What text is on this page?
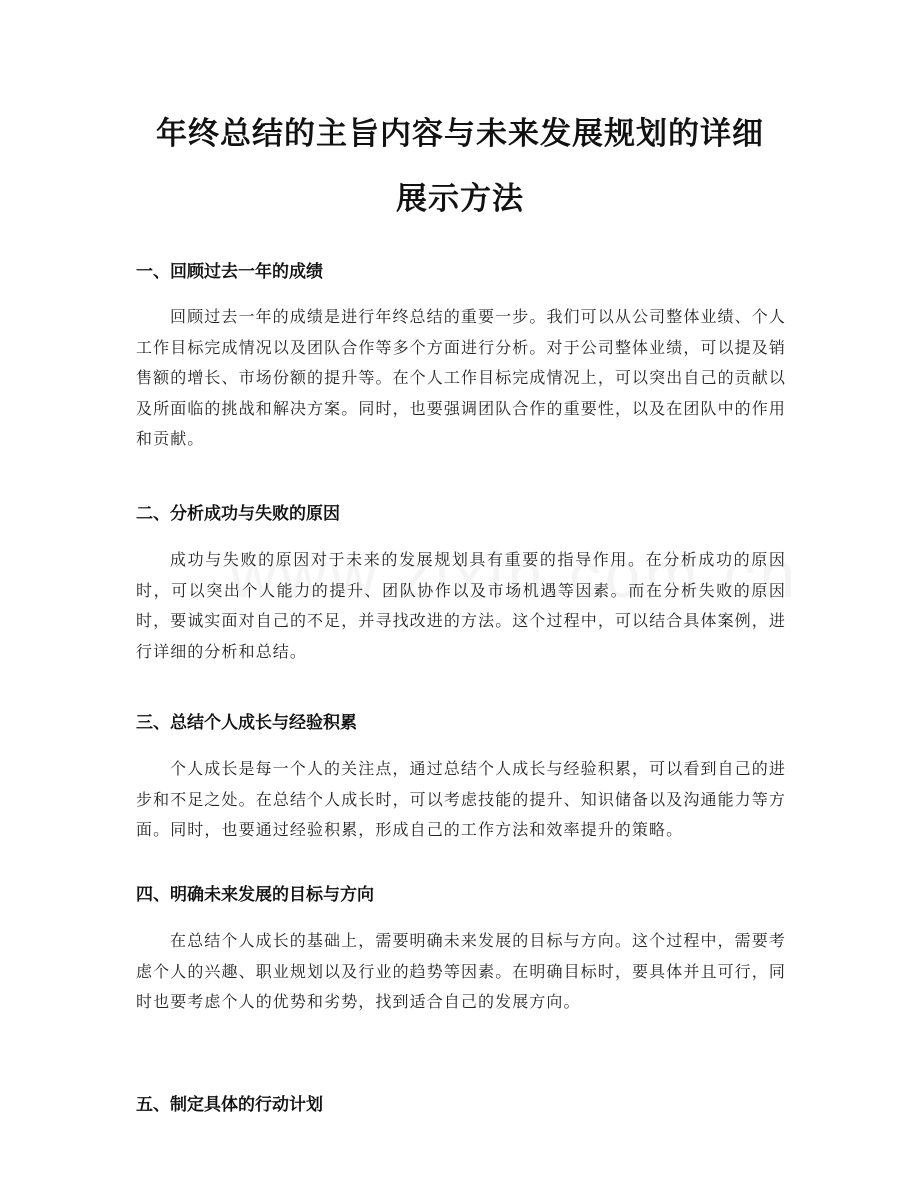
年终总结的主旨内容与未来发展规划的详细
展示方法
一、回顾过去一年的成绩
回顾过去一年的成绩是进行年终总结的重要一步。我们可以从公司整体业绩、个人工作目标完成情况以及团队合作等多个方面进行分析。对于公司整体业绩，可以提及销售额的增长、市场份额的提升等。在个人工作目标完成情况上，可以突出自己的贡献以及所面临的挑战和解决方案。同时，也要强调团队合作的重要性，以及在团队中的作用和贡献。
二、分析成功与失败的原因
成功与失败的原因对于未来的发展规划具有重要的指导作用。在分析成功的原因时，可以突出个人能力的提升、团队协作以及市场机遇等因素。而在分析失败的原因时，要诚实面对自己的不足，并寻找改进的方法。这个过程中，可以结合具体案例，进行详细的分析和总结。
三、总结个人成长与经验积累
个人成长是每一个人的关注点，通过总结个人成长与经验积累，可以看到自己的进步和不足之处。在总结个人成长时，可以考虑技能的提升、知识储备以及沟通能力等方面。同时，也要通过经验积累，形成自己的工作方法和效率提升的策略。
四、明确未来发展的目标与方向
在总结个人成长的基础上，需要明确未来发展的目标与方向。这个过程中，需要考虑个人的兴趣、职业规划以及行业的趋势等因素。在明确目标时，要具体并且可行，同时也要考虑个人的优势和劣势，找到适合自己的发展方向。
五、制定具体的行动计划
